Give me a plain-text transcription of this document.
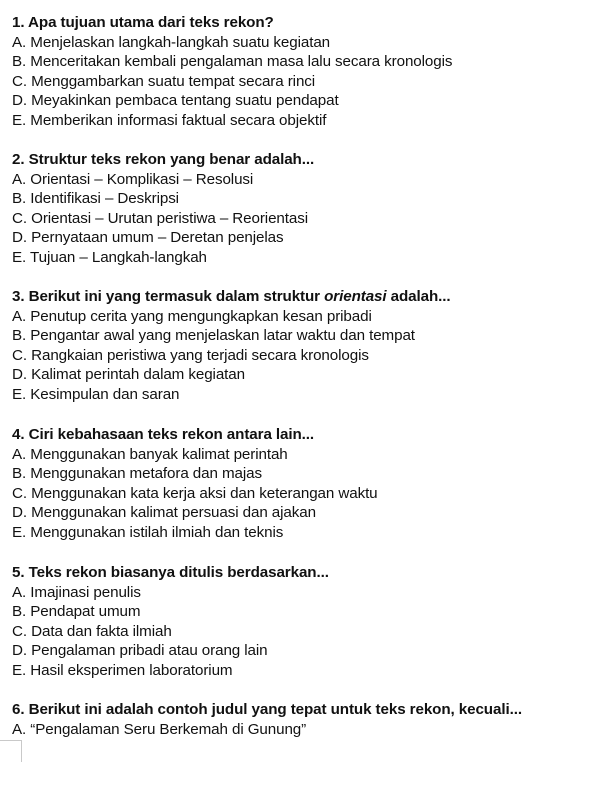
1. Apa tujuan utama dari teks rekon?
A. Menjelaskan langkah-langkah suatu kegiatan
B. Menceritakan kembali pengalaman masa lalu secara kronologis
C. Menggambarkan suatu tempat secara rinci
D. Meyakinkan pembaca tentang suatu pendapat
E. Memberikan informasi faktual secara objektif
2. Struktur teks rekon yang benar adalah...
A. Orientasi – Komplikasi – Resolusi
B. Identifikasi – Deskripsi
C. Orientasi – Urutan peristiwa – Reorientasi
D. Pernyataan umum – Deretan penjelas
E. Tujuan – Langkah-langkah
3. Berikut ini yang termasuk dalam struktur orientasi adalah...
A. Penutup cerita yang mengungkapkan kesan pribadi
B. Pengantar awal yang menjelaskan latar waktu dan tempat
C. Rangkaian peristiwa yang terjadi secara kronologis
D. Kalimat perintah dalam kegiatan
E. Kesimpulan dan saran
4. Ciri kebahasaan teks rekon antara lain...
A. Menggunakan banyak kalimat perintah
B. Menggunakan metafora dan majas
C. Menggunakan kata kerja aksi dan keterangan waktu
D. Menggunakan kalimat persuasi dan ajakan
E. Menggunakan istilah ilmiah dan teknis
5. Teks rekon biasanya ditulis berdasarkan...
A. Imajinasi penulis
B. Pendapat umum
C. Data dan fakta ilmiah
D. Pengalaman pribadi atau orang lain
E. Hasil eksperimen laboratorium
6. Berikut ini adalah contoh judul yang tepat untuk teks rekon, kecuali...
A. “Pengalaman Seru Berkemah di Gunung”
